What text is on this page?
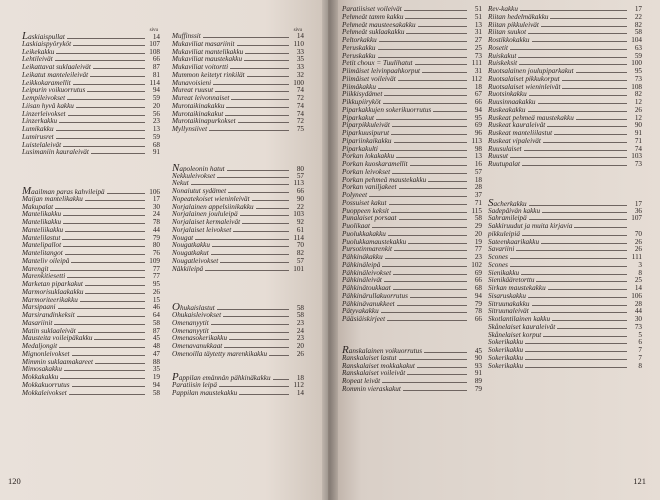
sivu
Laskiaispullat	14
Laskiaispyöryköt	107
Leikekakku	108
Lehtileivät	66
Leikattavat suklaaleivät	87
Leikatut manteleileivät	81
Leikkokaramellit	114
Leipurin voikuorrutus	94
Lempileivokset	59
Liisan hyvä kakku	20
Linzerleivokset	56
Linzerkakku	23
Lumikakku	13
Lumirusret	59
Luistelaleivät	68
Lusimaniin kauraleivät	91
Maailman paras kahvileipä	106
Maijan mantelikakku	17
Makupalat	30
Mantelikakku	24
Mantelikakku	78
Manteliikakku	44
Mantelilastut	79
Mantelipallot	80
Mantelitangot	76
Manteliv oileipä	109
Marengit	77
Marenkitiesetti	77
Marketan piparkakut	95
Marmorisuklaakakku	26
Marmoriteerikakku	15
Marsipaani	46
Marsirandinkeksit	64
Masariinit	58
Matin suklaaleivät	87
Mausteita voileipäkakku	45
Medaljongit	48
Mignonleivokset	47
Mimmin suklaamakareet	88
Mimosakakku	35
Mokkakakku	19
Mokkakuorrutus	94
Mokkaleivokset	58
sivu
Muffinssit	14
Mukaviliat masariinit	110
Mukaviliat mantelikakku	33
Mukaviliat maustekakku	35
Mukaviliat voitortti	33
Mummon keitetyt rinkilät	32
Munavoisieni	100
Mureat ruusut	74
Mureat leivonnaiset	72
Murotaikinakakku	74
Murotaikinakakut	74
Murotaikinapurkokset	72
Myllynsiivet	75
Napoleonin hatut	80
Nekkuleivokset	57
Nekut	113
Nonaiutut sydämet	66
Nopeatekoiset wieninleivät	90
Norjalainen appelsiinikakku	22
Norjalainen joululeipä	103
Norjalaiset kermaleivät	92
Norjalaiset leivokset	61
Nougat	114
Nougatkakku	70
Nougatkakut	82
Nougatleivokset	57
Näkkileipä	101
Ohukaislastut	58
Ohukaisleivokset	58
Omenanyytit	23
Omenanyytit	24
Omenasokerikakku	23
Omenavanukkaat	20
Omenoilla täytetty marenkikakku	26
Pappilan emännän pähkinäkakku	18
Paratiisin leipä	112
Pappilan maustekakku	14
120
Paratiisiset voileivät	51
Pehmeät tamm kakku	51
Pehmeät mausteesakakku	13
Pehmeät suklaakakku	31
Peltorkakku	27
Peruskakku	25
Peruskakku	73
Petit choux = Tuulihatut	111
Piimäiset leivinpaahkorput	31
Piimäiset voileivät	112
Piimäkakku	18
Piikkisydämet	67
Pikkupiiryköt	66
Piparkakkujen sokerikuorrutus	94
Piparkakut	95
Piparpikkuleivät	69
Piparkuusipurut	96
Pipariinkaikakku	113
Piparkakulti	98
Porkan lokakakku	13
Porkan kuoskaramellit	16
Porkan leivokset	57
Porkan pehmeä maustekakku	18
Porkan vaniljakeet	28
Polyneet	37
Possuiset kakut	71
Puoppeen keksit	115
Punalaiset porsaat	58
Puolikaat	29
Puolukkakakku	20
Puolukkamaustekakku	19
Pursotinmarenkit	77
Pähkinäkakku	23
Pähkinäleipä	102
Pähkinäleivokset	69
Pähkinäleivät	66
Pähkinätoukkaat	68
Pähkinärullakuorrutus	94
Pähkinävanukkeet	79
Pätyvakakku	78
Pääsiäiskirjeet	66
Ranskalainen voikuorrutus	45
Ranskalaiset lastut	90
Ranskalaiset mokkakakut	93
Ranskalaiset voileivät	91
Ropeat leivät	89
Rommin vieraskakut	79
Rev-kakku	17
Riitan hedelmäkakku	22
Riitan pikkuleivät	82
Riitan suukot	58
Rostikkokakku	104
Rosetit	63
Ruiskakut	59
Ruiskeksit	100
Ruotsalainen joulupiparkakut	95
Ruotsalaiset pikkukorput	73
Ruotsalaiset wieninleivät	108
Ruotsinkakku	82
Ruusinnaakakku	12
Ruskeakakku	26
Ruskeat pehmeä maustekakku	12
Ruskeat kauraleivät	90
Ruskeat manteliilastut	91
Ruskeat vipaleivät	71
Ruusulaiset	74
Ruusut	103
Ruutupalat	73
Sacherkakku	17
Sadepäivän kakku	36
Sahramileipä	107
Sakkiruudut ja muita kirjavia
pikkuleipiä	70
Sateenkaarikakku	26
Savariini	26
Scones	111
Scones	3
Sienikakku	8
Sienikääretorttu	25
Sirkan maustekakku	14
Sisaruskakku	106
Sitruunakakku	28
Sitruunaleivät	44
Skotlantilainen kakku	30
Skånelaiset kauraleivät	73
Skånelaiset korput	5
Sokerikakku	6
Sokerikakku	7
Sokerikakku	7
Sokerikakku	8
121
